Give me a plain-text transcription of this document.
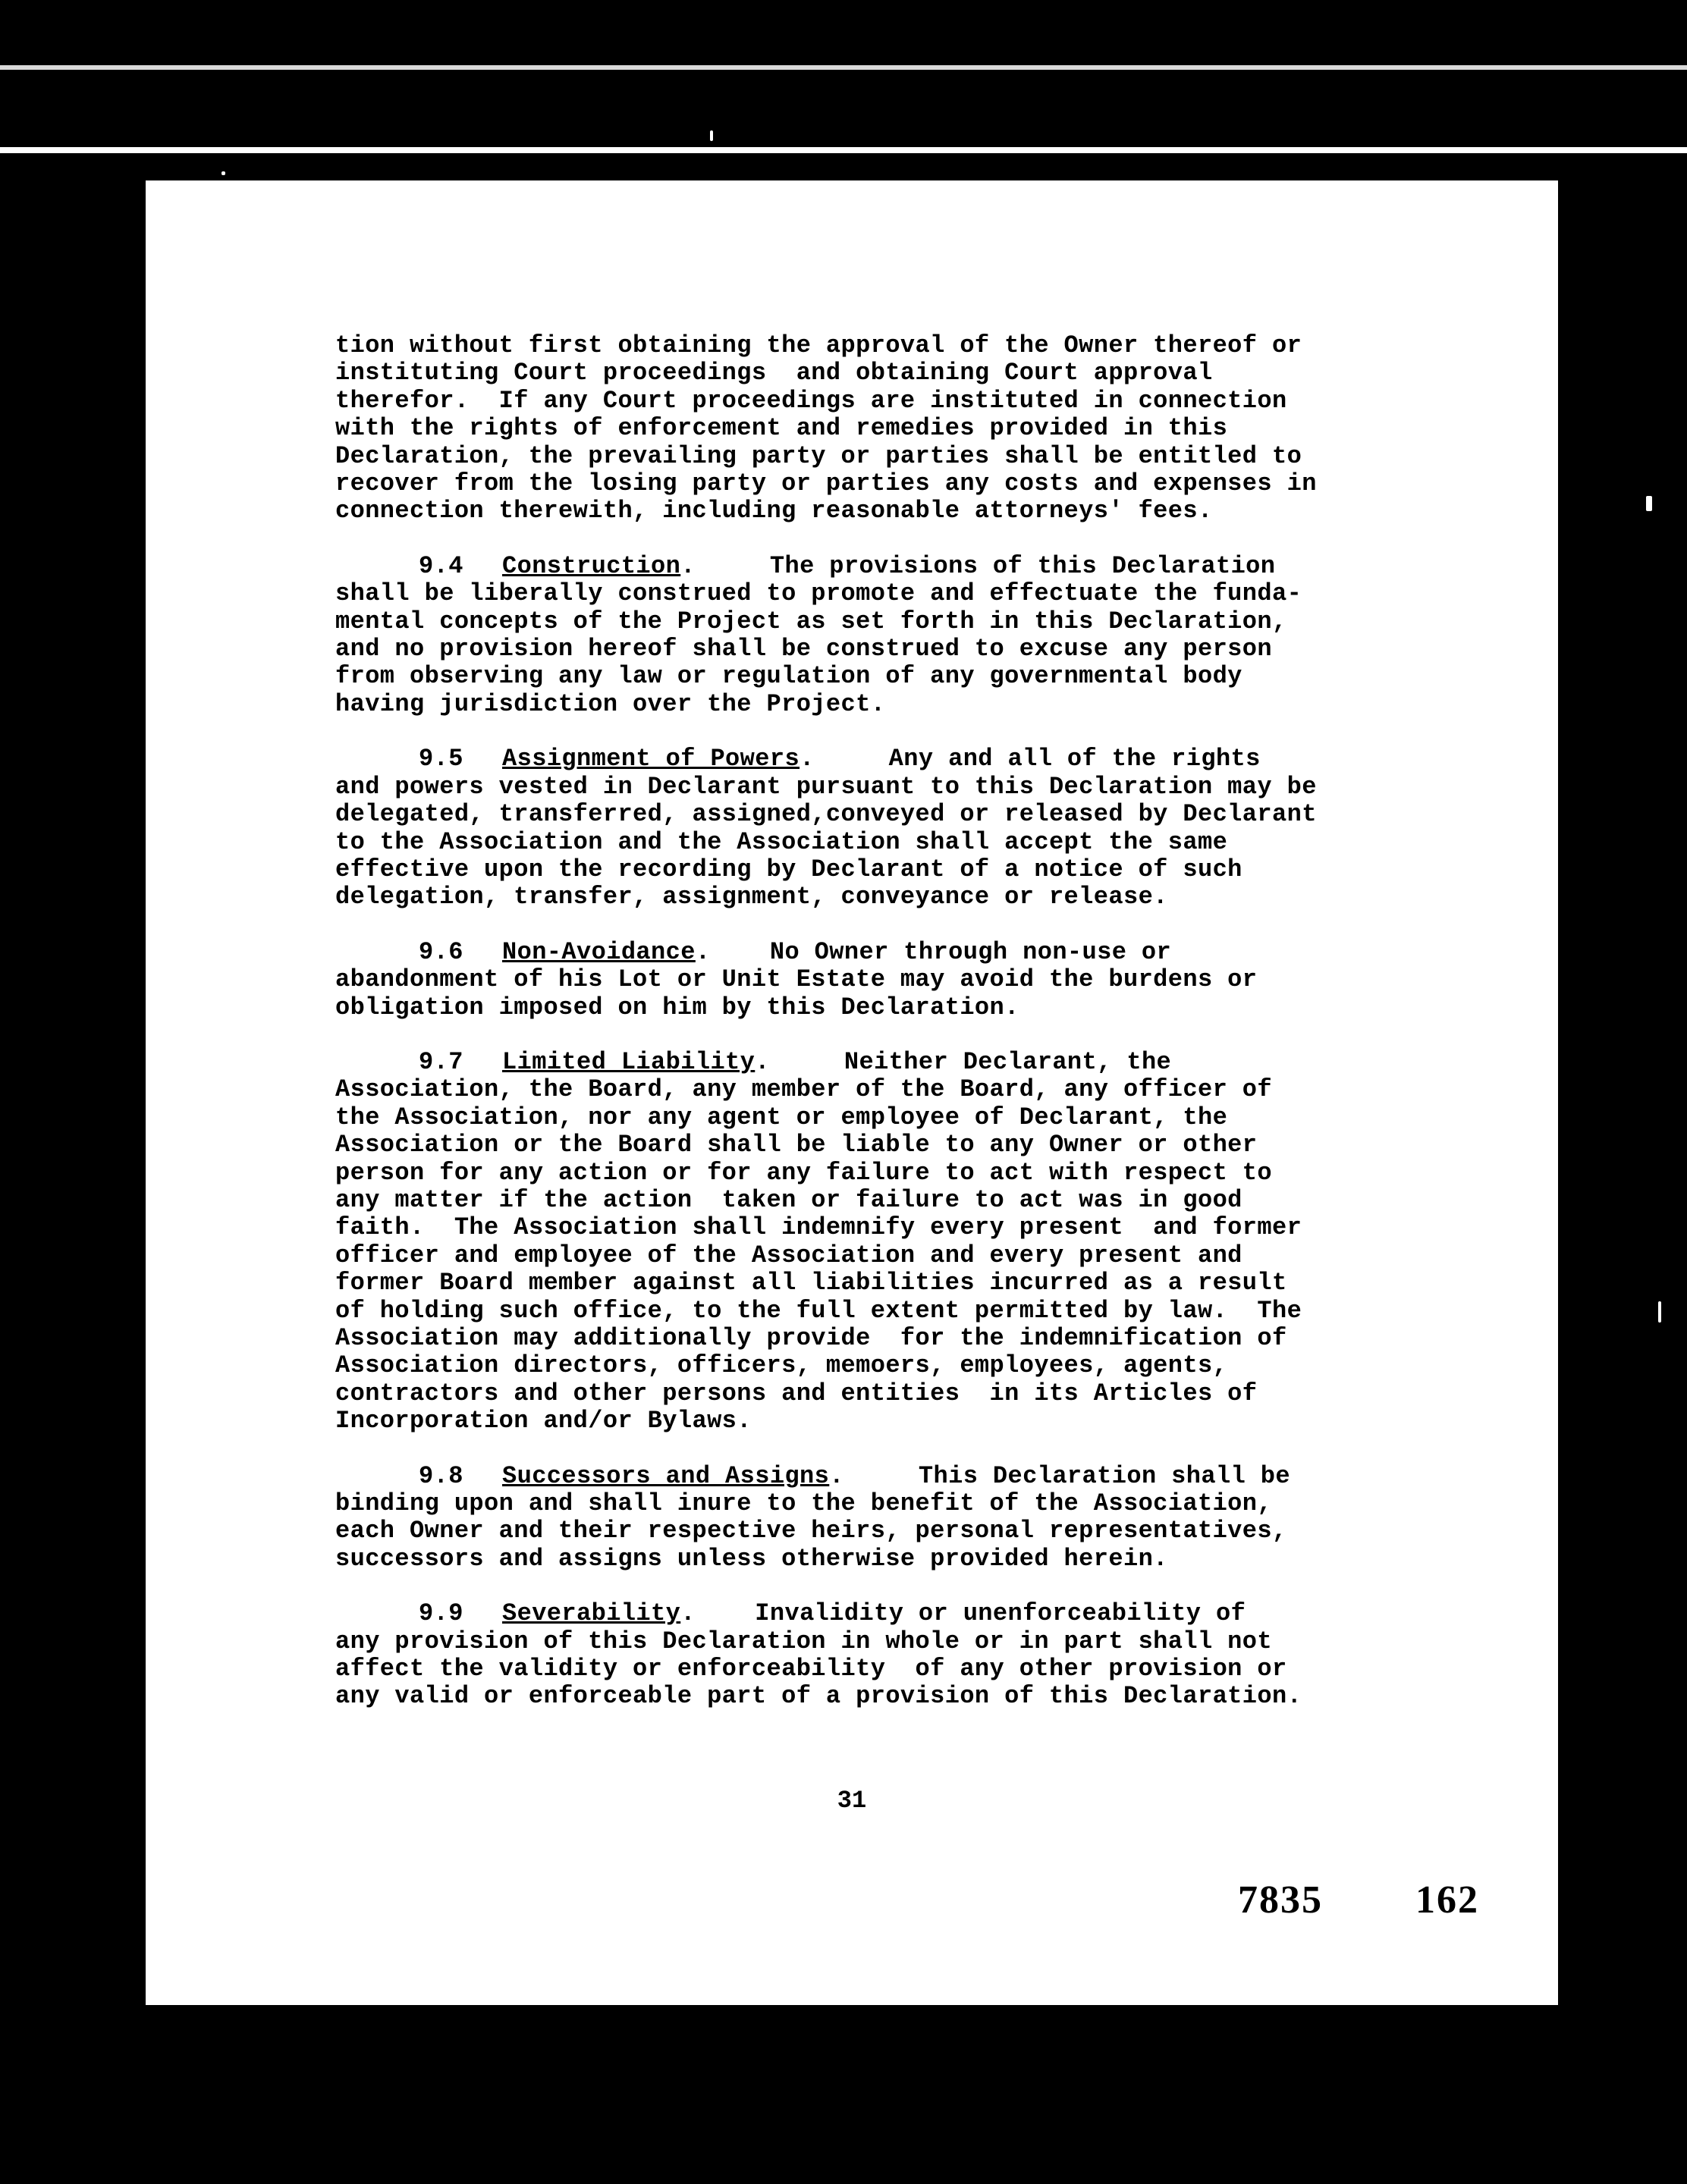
tion without first obtaining the approval of the Owner thereof or
instituting Court proceedings  and obtaining Court approval
therefor.  If any Court proceedings are instituted in connection
with the rights of enforcement and remedies provided in this
Declaration, the prevailing party or parties shall be entitled to
recover from the losing party or parties any costs and expenses in
connection therewith, including reasonable attorneys' fees.
9.4 Construction.     The provisions of this Declaration
shall be liberally construed to promote and effectuate the funda-
mental concepts of the Project as set forth in this Declaration,
and no provision hereof shall be construed to excuse any person
from observing any law or regulation of any governmental body
having jurisdiction over the Project.
9.5 Assignment of Powers.     Any and all of the rights
and powers vested in Declarant pursuant to this Declaration may be
delegated, transferred, assigned,conveyed or released by Declarant
to the Association and the Association shall accept the same
effective upon the recording by Declarant of a notice of such
delegation, transfer, assignment, conveyance or release.
9.6 Non-Avoidance.    No Owner through non-use or
abandonment of his Lot or Unit Estate may avoid the burdens or
obligation imposed on him by this Declaration.
9.7 Limited Liability.     Neither Declarant, the
Association, the Board, any member of the Board, any officer of
the Association, nor any agent or employee of Declarant, the
Association or the Board shall be liable to any Owner or other
person for any action or for any failure to act with respect to
any matter if the action  taken or failure to act was in good
faith.  The Association shall indemnify every present  and former
officer and employee of the Association and every present and
former Board member against all liabilities incurred as a result
of holding such office, to the full extent permitted by law.  The
Association may additionally provide  for the indemnification of
Association directors, officers, memoers, employees, agents,
contractors and other persons and entities  in its Articles of
Incorporation and/or Bylaws.
9.8 Successors and Assigns.     This Declaration shall be
binding upon and shall inure to the benefit of the Association,
each Owner and their respective heirs, personal representatives,
successors and assigns unless otherwise provided herein.
9.9 Severability.    Invalidity or unenforceability of
any provision of this Declaration in whole or in part shall not
affect the validity or enforceability  of any other provision or
any valid or enforceable part of a provision of this Declaration.
31
7835 162
